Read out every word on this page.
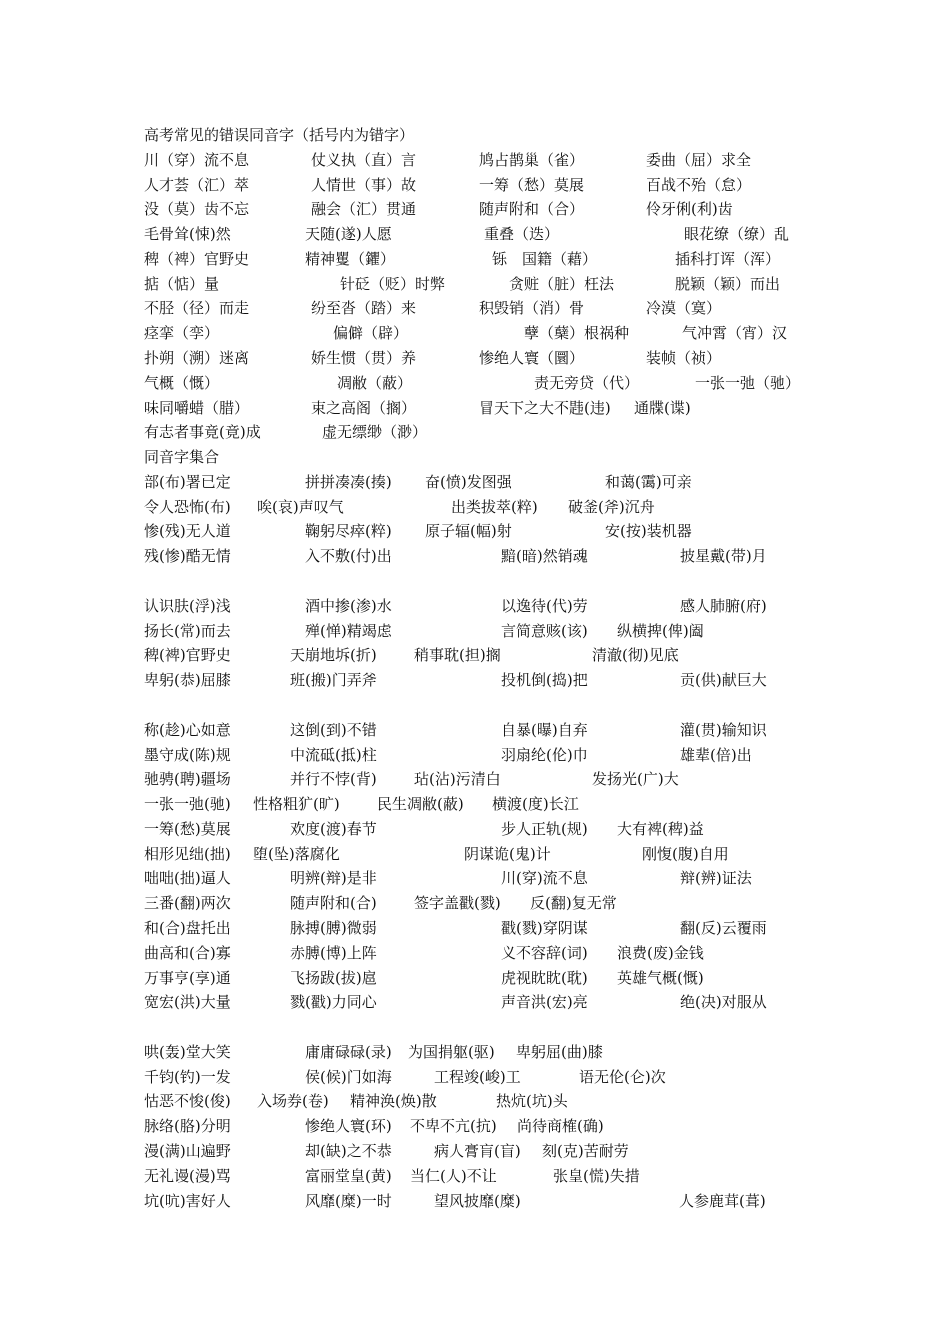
高考常见的错误同音字（括号内为错字）
川（穿）流不息	仗义执（直）言	鸠占鹊巢（雀）	委曲（屈）求全
人才荟（汇）萃	人情世（事）故	一筹（愁）莫展	百战不殆（怠）
没（莫）齿不忘	融会（汇）贯通	随声附和（合）	伶牙俐(利)齿
毛骨耸(悚)然	天随(遂)人愿	重叠（迭）	眼花缭（缭）乱
稗（裨）官野史	精神矍（鑺）	铄　国籍（藉）	插科打诨（浑）
掂（惦）量	针砭（贬）时弊	贪赃（脏）枉法	脱颖（颖）而出
不胫（径）而走	纷至沓（踏）来	积毁销（消）骨	冷漠（寞）
痉挛（孪）	偏僻（辟）	孽（蘖）根祸种	气冲霄（宵）汉
扑朔（溯）迷离	娇生惯（贯）养	惨绝人寰（圜）	装帧（祯）
气概（慨）	凋敝（蔽）	责无旁贷（代）	一张一弛（驰）
味同嚼蜡（腊）	束之高阁（搁）	冒天下之大不韪(违) 通牒(谍)
有志者事竟(竟)成	虚无缥缈（渺）
同音字集合
部(布)署已定	拼拼凑凑(揍) 奋(愤)发图强	和蔼(霭)可亲
令人恐怖(布) 唉(哀)声叹气	出类拔萃(粹) 破釜(斧)沉舟
惨(残)无人道	鞠躬尽瘁(粹) 原子辐(幅)射	安(按)装机器
残(惨)酷无情	入不敷(付)出	黯(暗)然销魂	披星戴(带)月
认识肤(浮)浅	酒中掺(渗)水	以逸待(代)劳	感人肺腑(府)
扬长(常)而去	殚(惮)精竭虑	言简意赅(该) 纵横捭(俾)阖
稗(裨)官野史	天崩地坼(折) 稍事耽(担)搁	清澈(彻)见底
卑躬(恭)屈膝	班(搬)门弄斧	投机倒(捣)把	贡(供)献巨大
称(趁)心如意	这倒(到)不错	自暴(曝)自弃	灌(贯)输知识
墨守成(陈)规	中流砥(抵)柱	羽扇纶(伦)巾	雄辈(倍)出
驰骋(聘)疆场	并行不悖(背) 玷(沾)污清白	发扬光(广)大
一张一弛(驰) 性格粗犷(旷) 民生凋敝(蔽) 横渡(度)长江
一筹(愁)莫展	欢度(渡)春节	步人正轨(规) 大有裨(稗)益
相形见绌(拙) 堕(坠)落腐化	阴谋诡(鬼)计	刚愎(腹)自用
咄咄(拙)逼人	明辨(辩)是非	川(穿)流不息	辩(辨)证法
三番(翻)两次	随声附和(合) 签字盖戳(戮) 反(翻)复无常
和(合)盘托出	脉搏(膊)微弱	戳(戮)穿阴谋	翻(反)云覆雨
曲高和(合)寡	赤膊(博)上阵	义不容辞(词) 浪费(废)金钱
万事亨(享)通	飞扬跋(拔)扈	虎视眈眈(耽) 英雄气概(慨)
宽宏(洪)大量	戮(戳)力同心	声音洪(宏)亮	绝(决)对服从
哄(轰)堂大笑	庸庸碌碌(录) 为国捐躯(驱) 卑躬屈(曲)膝
千钧(钓)一发	侯(候)门如海	工程竣(峻)工	语无伦(仑)次
怙恶不悛(俊) 入场券(卷) 精神涣(焕)散	热炕(坑)头
脉络(胳)分明	惨绝人寰(环) 不卑不亢(抗) 尚待商榷(确)
漫(满)山遍野	却(缺)之不恭	病人膏肓(盲) 刻(克)苦耐劳
无礼谩(漫)骂	富丽堂皇(黄) 当仁(人)不让	张皇(慌)失措
坑(吭)害好人	风靡(糜)一时	望风披靡(糜)	人参鹿茸(葺)
